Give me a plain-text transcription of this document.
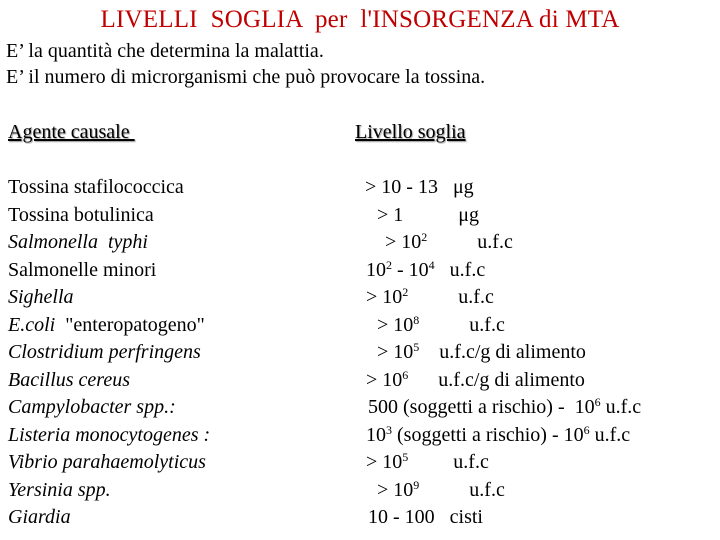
LIVELLI  SOGLIA  per  l'INSORGENZA di MTA
E’ la quantità che determina la malattia.
E’ il numero di microrganismi che può provocare la tossina.
Agente causale	Livello soglia
Tossina stafilococcica	> 10 - 13   μg
Tossina botulinica	> 1           μg
Salmonella  typhi	> $10^2$          u.f.c
Salmonelle minori	$10^2 - 10^4$   u.f.c
Sighella	> $10^2$          u.f.c
E.coli  "enteropatogeno"	> $10^8$          u.f.c
Clostridium perfringens	> $10^5$    u.f.c/g di alimento
Bacillus cereus	> $10^6$      u.f.c/g di alimento
Campylobacter spp.:	500 (soggetti a rischio) -  $10^6$ u.f.c
Listeria monocytogenes :	$10^3$ (soggetti a rischio) - $10^6$ u.f.c
Vibrio parahaemolyticus	> $10^5$         u.f.c
Yersinia spp.	> $10^9$          u.f.c
Giardia	10 - 100   cisti
